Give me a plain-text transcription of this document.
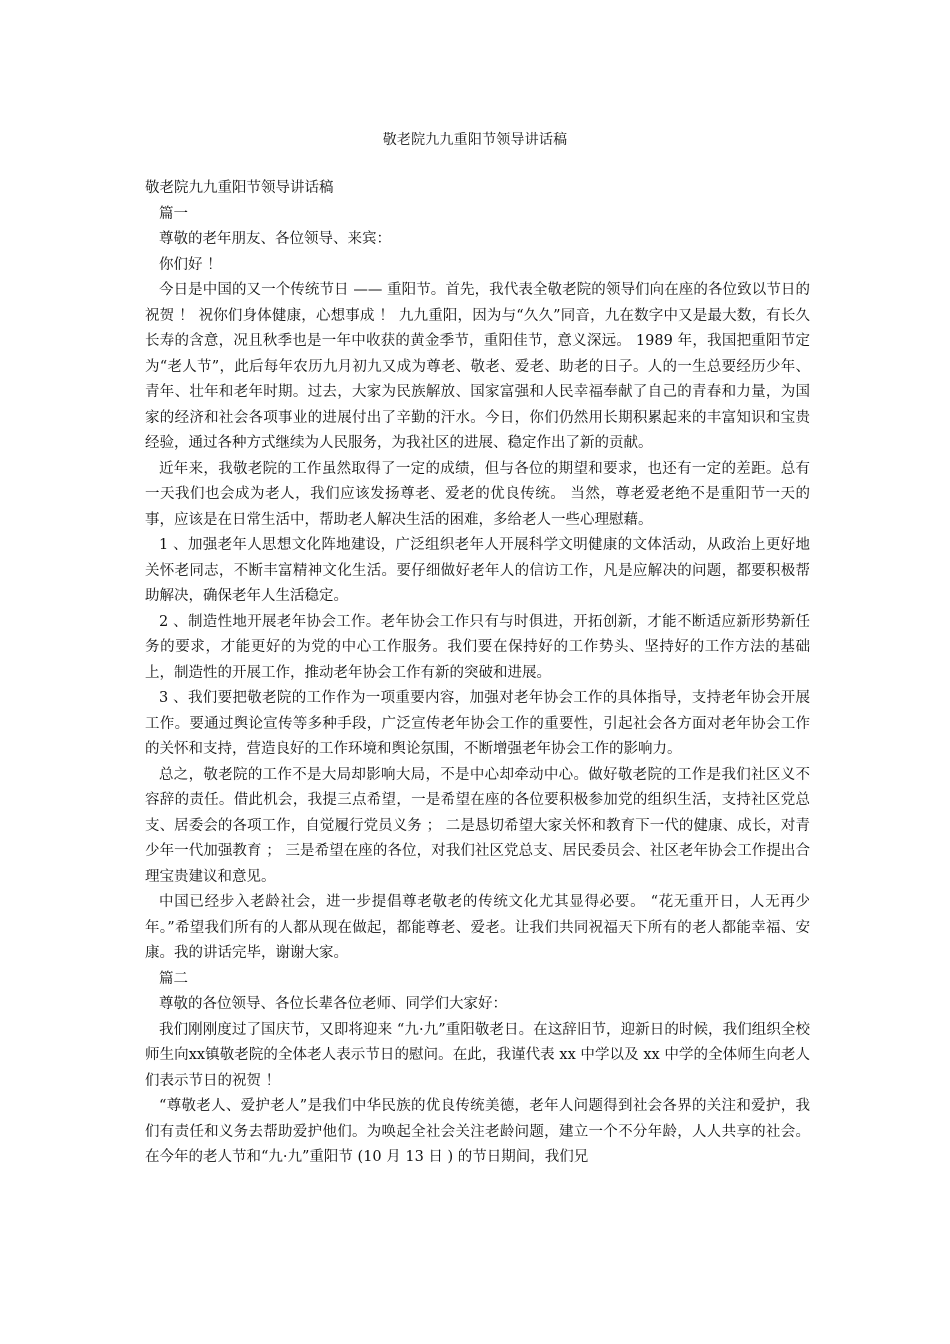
敬老院九九重阳节领导讲话稿

敬老院九九重阳节领导讲话稿

篇一

尊敬的老年朋友、各位领导、来宾：

你们好 ！

今日是中国的又一个传统节日 —— 重阳节。首先，我代表全敬老院的领导们向在座的各位致以节日的祝贺 ！ 祝你们身体健康，心想事成 ！ 九九重阳，因为与“久久”同音，九在数字中又是最大数，有长久长寿的含意，况且秋季也是一年中收获的黄金季节，重阳佳节，意义深远。 1989 年，我国把重阳节定为“老人节”，此后每年农历九月初九又成为尊老、敬老、爱老、助老的日子。人的一生总要经历少年、青年、壮年和老年时期。过去，大家为民族解放、国家富强和人民幸福奉献了自己的青春和力量，为国家的经济和社会各项事业的进展付出了辛勤的汗水。今日，你们仍然用长期积累起来的丰富知识和宝贵经验，通过各种方式继续为人民服务，为我社区的进展、稳定作出了新的贡献。

近年来，我敬老院的工作虽然取得了一定的成绩，但与各位的期望和要求，也还有一定的差距。总有一天我们也会成为老人，我们应该发扬尊老、爱老的优良传统。 当然，尊老爱老绝不是重阳节一天的事，应该是在日常生活中，帮助老人解决生活的困难，多给老人一些心理慰藉。

1 、加强老年人思想文化阵地建设，广泛组织老年人开展科学文明健康的文体活动，从政治上更好地关怀老同志，不断丰富精神文化生活。要仔细做好老年人的信访工作，凡是应解决的问题，都要积极帮助解决，确保老年人生活稳定。

2 、制造性地开展老年协会工作。老年协会工作只有与时俱进，开拓创新，才能不断适应新形势新任务的要求，才能更好的为党的中心工作服务。我们要在保持好的工作势头、坚持好的工作方法的基础上，制造性的开展工作，推动老年协会工作有新的突破和进展。

3 、我们要把敬老院的工作作为一项重要内容，加强对老年协会工作的具体指导，支持老年协会开展工作。要通过舆论宣传等多种手段，广泛宣传老年协会工作的重要性，引起社会各方面对老年协会工作的关怀和支持，营造良好的工作环境和舆论氛围，不断增强老年协会工作的影响力。

总之，敬老院的工作不是大局却影响大局，不是中心却牵动中心。做好敬老院的工作是我们社区义不容辞的责任。借此机会，我提三点希望，一是希望在座的各位要积极参加党的组织生活，支持社区党总支、居委会的各项工作，自觉履行党员义务 ； 二是恳切希望大家关怀和教育下一代的健康、成长，对青少年一代加强教育 ； 三是希望在座的各位，对我们社区党总支、居民委员会、社区老年协会工作提出合理宝贵建议和意见。

中国已经步入老龄社会，进一步提倡尊老敬老的传统文化尤其显得必要。 “花无重开日，人无再少年。”希望我们所有的人都从现在做起，都能尊老、爱老。让我们共同祝福天下所有的老人都能幸福、安康。我的讲话完毕，谢谢大家。

篇二

尊敬的各位领导、各位长辈各位老师、同学们大家好：

我们刚刚度过了国庆节，又即将迎来 “九·九”重阳敬老日。在这辞旧节，迎新日的时候，我们组织全校师生向xx镇敬老院的全体老人表示节日的慰问。在此，我谨代表 xx 中学以及 xx 中学的全体师生向老人们表示节日的祝贺 ！

“尊敬老人、爱护老人”是我们中华民族的优良传统美德，老年人问题得到社会各界的关注和爱护，我们有责任和义务去帮助爱护他们。为唤起全社会关注老龄问题，建立一个不分年龄，人人共享的社会。在今年的老人节和“九·九”重阳节 (10 月 13 日 ) 的节日期间，我们兄
